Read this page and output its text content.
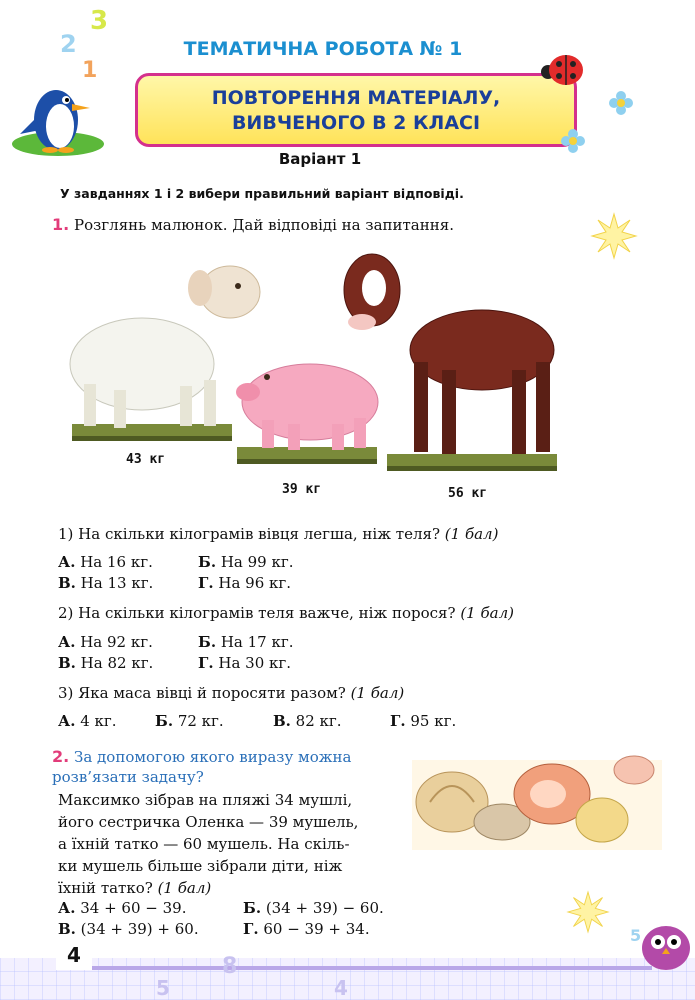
3
2
1
ТЕМАТИЧНА РОБОТА № 1
ПОВТОРЕННЯ МАТЕРІАЛУ,
ВИВЧЕНОГО В 2 КЛАСІ
Варіант 1
У завданнях 1 і 2 вибери правильний варіант відповіді.
1. Розглянь малюнок. Дай відповіді на запитання.
43 кг
39 кг	56 кг
1) На скільки кілограмів вівця легша, ніж теля? (1 бал)
А. На 16 кг.	Б. На 99 кг.
В. На 13 кг.	Г. На 96 кг.
2) На скільки кілограмів теля важче, ніж порося? (1 бал)
А. На 92 кг.	Б. На 17 кг.
В. На 82 кг.	Г. На 30 кг.
3) Яка маса вівці й поросяти разом? (1 бал)
А. 4 кг.	Б. 72 кг.	В. 82 кг.	Г. 95 кг.
2. За допомогою якого виразу можна
розв’язати задачу?
Максимко зібрав на пляжі 34 мушлі,
його сестричка Оленка — 39 мушель,
а їхній татко — 60 мушель. На скіль-
ки мушель більше зібрали діти, ніж
їхній татко? (1 бал)
А. 34 + 60 − 39.	Б. (34 + 39) − 60.
В. (34 + 39) + 60.	Г. 60 − 39 + 34.	5
8
5	4
4
